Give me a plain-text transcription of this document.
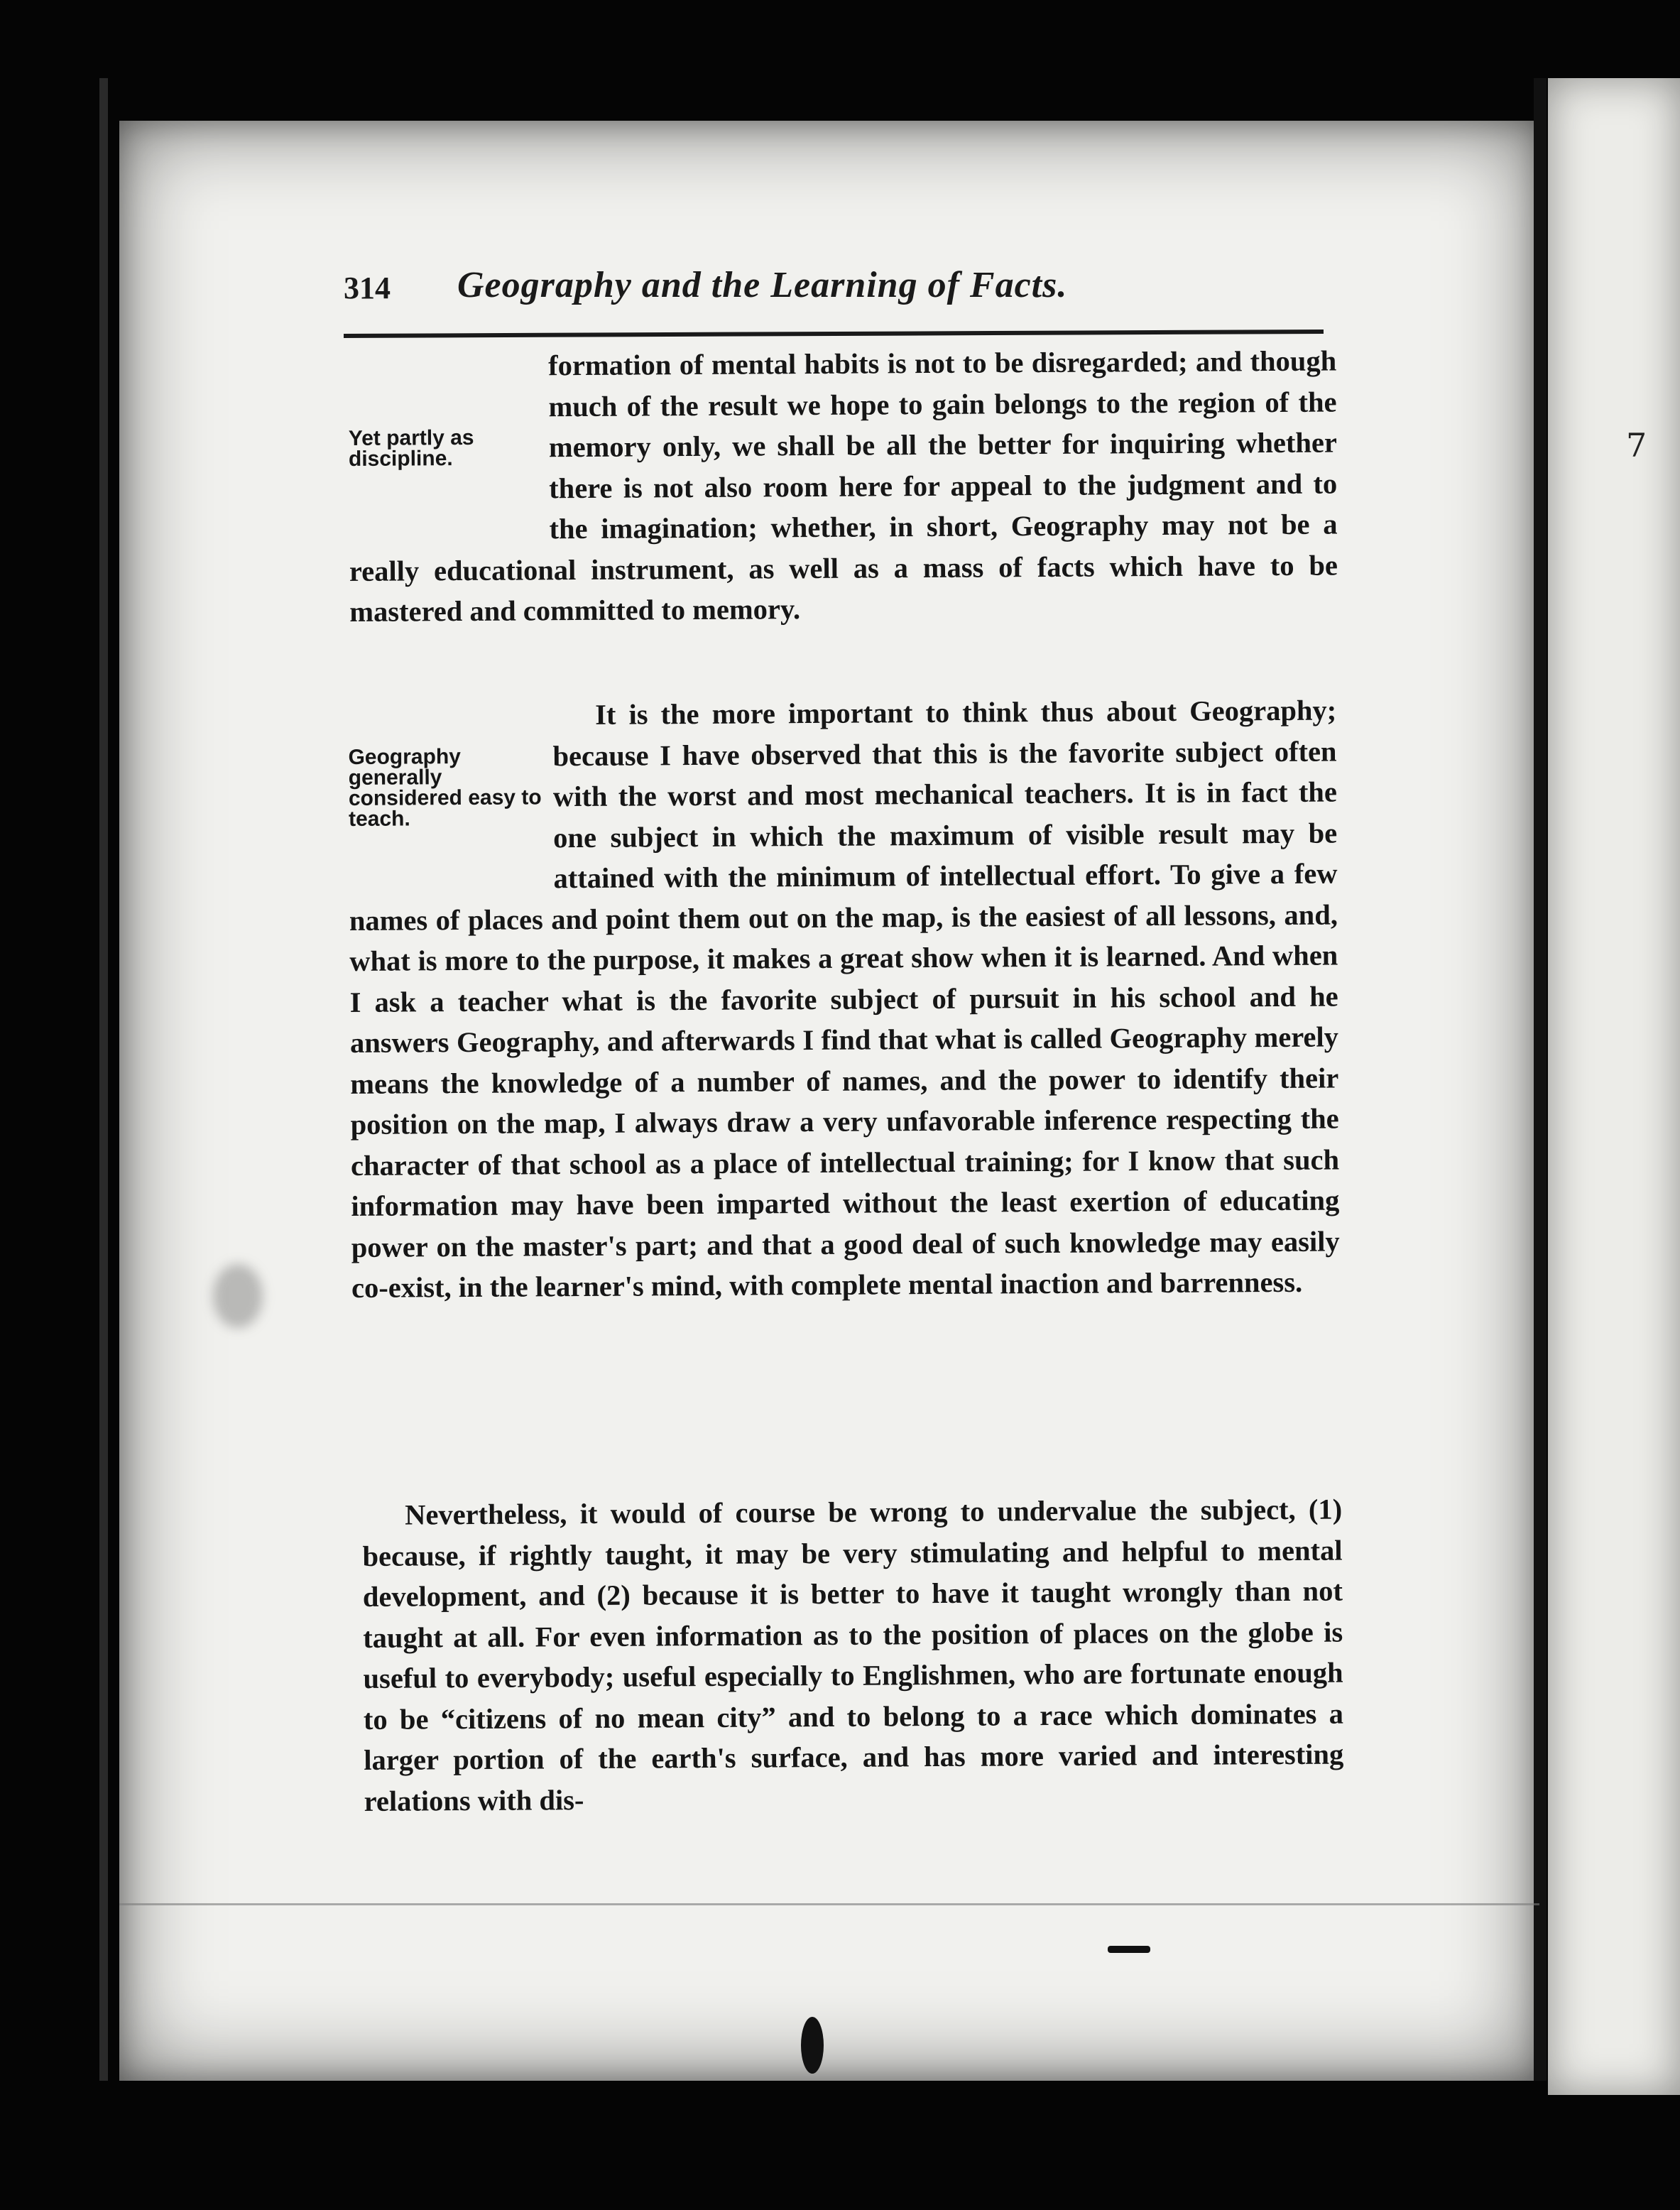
314 Geography and the Learning of Facts.
Yet partly as discipline.
formation of mental habits is not to be disregarded; and though much of the result we hope to gain belongs to the region of the memory only, we shall be all the better for inquiring whether there is not also room here for appeal to the judgment and to the imagination; whether, in short, Geography may not be a really educational instrument, as well as a mass of facts which have to be mastered and committed to memory.
Geography generally considered easy to teach.
It is the more important to think thus about Geography; because I have observed that this is the favorite subject often with the worst and most mechanical teachers. It is in fact the one subject in which the maximum of visible result may be attained with the minimum of intellectual effort. To give a few names of places and point them out on the map, is the easiest of all lessons, and, what is more to the purpose, it makes a great show when it is learned. And when I ask a teacher what is the favorite subject of pursuit in his school and he answers Geography, and afterwards I find that what is called Geography merely means the knowledge of a number of names, and the power to identify their position on the map, I always draw a very unfavorable inference respecting the character of that school as a place of intellectual training; for I know that such information may have been imparted without the least exertion of educating power on the master's part; and that a good deal of such knowledge may easily co-exist, in the learner's mind, with complete mental inaction and barrenness.
Nevertheless, it would of course be wrong to undervalue the subject, (1) because, if rightly taught, it may be very stimulating and helpful to mental development, and (2) because it is better to have it taught wrongly than not taught at all. For even information as to the position of places on the globe is useful to everybody; useful especially to Englishmen, who are fortunate enough to be “citizens of no mean city” and to belong to a race which dominates a larger portion of the earth's surface, and has more varied and interesting relations with dis-
7
